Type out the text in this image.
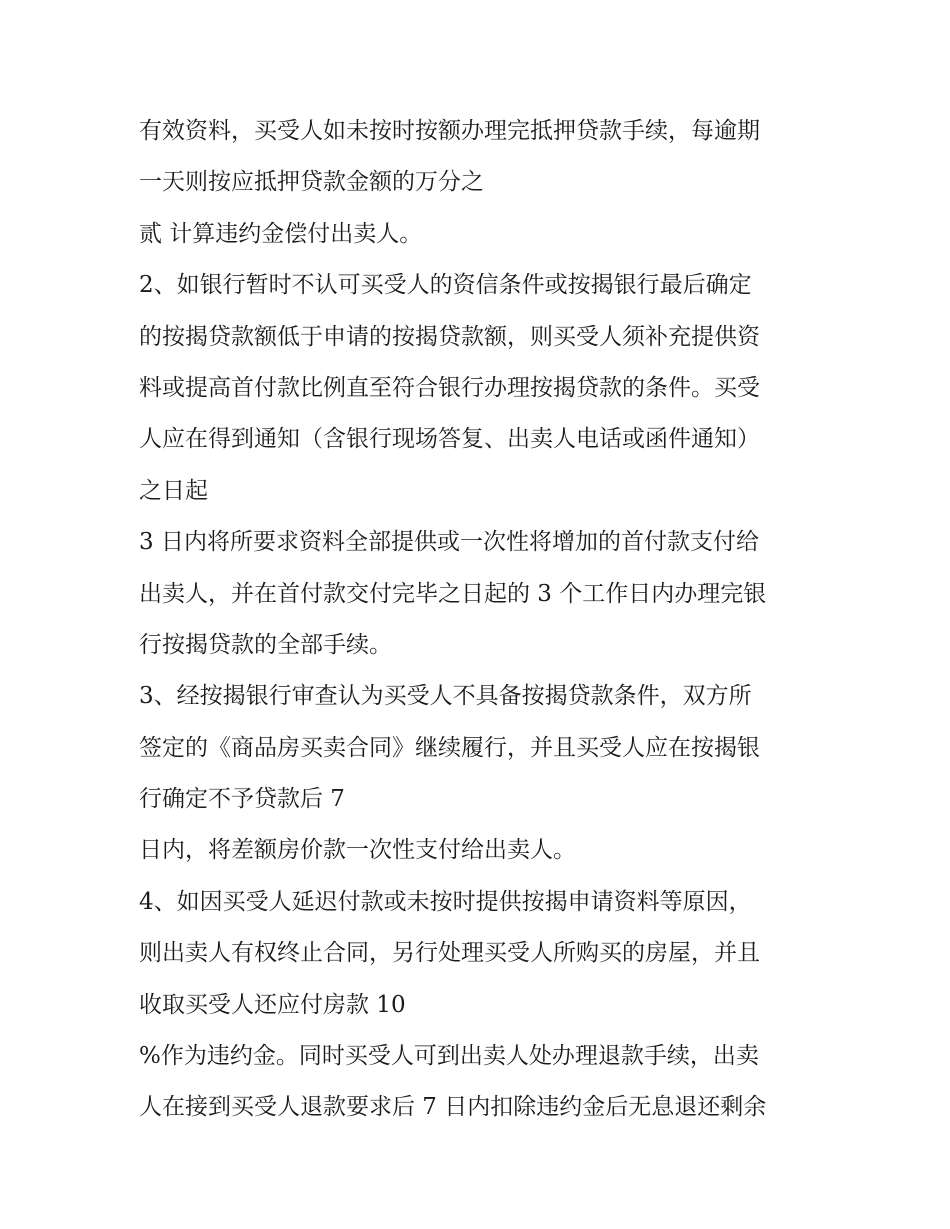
有效资料，买受人如未按时按额办理完抵押贷款手续，每逾期
一天则按应抵押贷款金额的万分之
贰 计算违约金偿付出卖人。
2、如银行暂时不认可买受人的资信条件或按揭银行最后确定
的按揭贷款额低于申请的按揭贷款额，则买受人须补充提供资
料或提高首付款比例直至符合银行办理按揭贷款的条件。买受
人应在得到通知（含银行现场答复、出卖人电话或函件通知）
之日起
3 日内将所要求资料全部提供或一次性将增加的首付款支付给
出卖人，并在首付款交付完毕之日起的 3 个工作日内办理完银
行按揭贷款的全部手续。
3、经按揭银行审查认为买受人不具备按揭贷款条件，双方所
签定的《商品房买卖合同》继续履行，并且买受人应在按揭银
行确定不予贷款后 7
日内，将差额房价款一次性支付给出卖人。
4、如因买受人延迟付款或未按时提供按揭申请资料等原因，
则出卖人有权终止合同，另行处理买受人所购买的房屋，并且
收取买受人还应付房款 10
%作为违约金。同时买受人可到出卖人处办理退款手续，出卖
人在接到买受人退款要求后 7 日内扣除违约金后无息退还剩余
